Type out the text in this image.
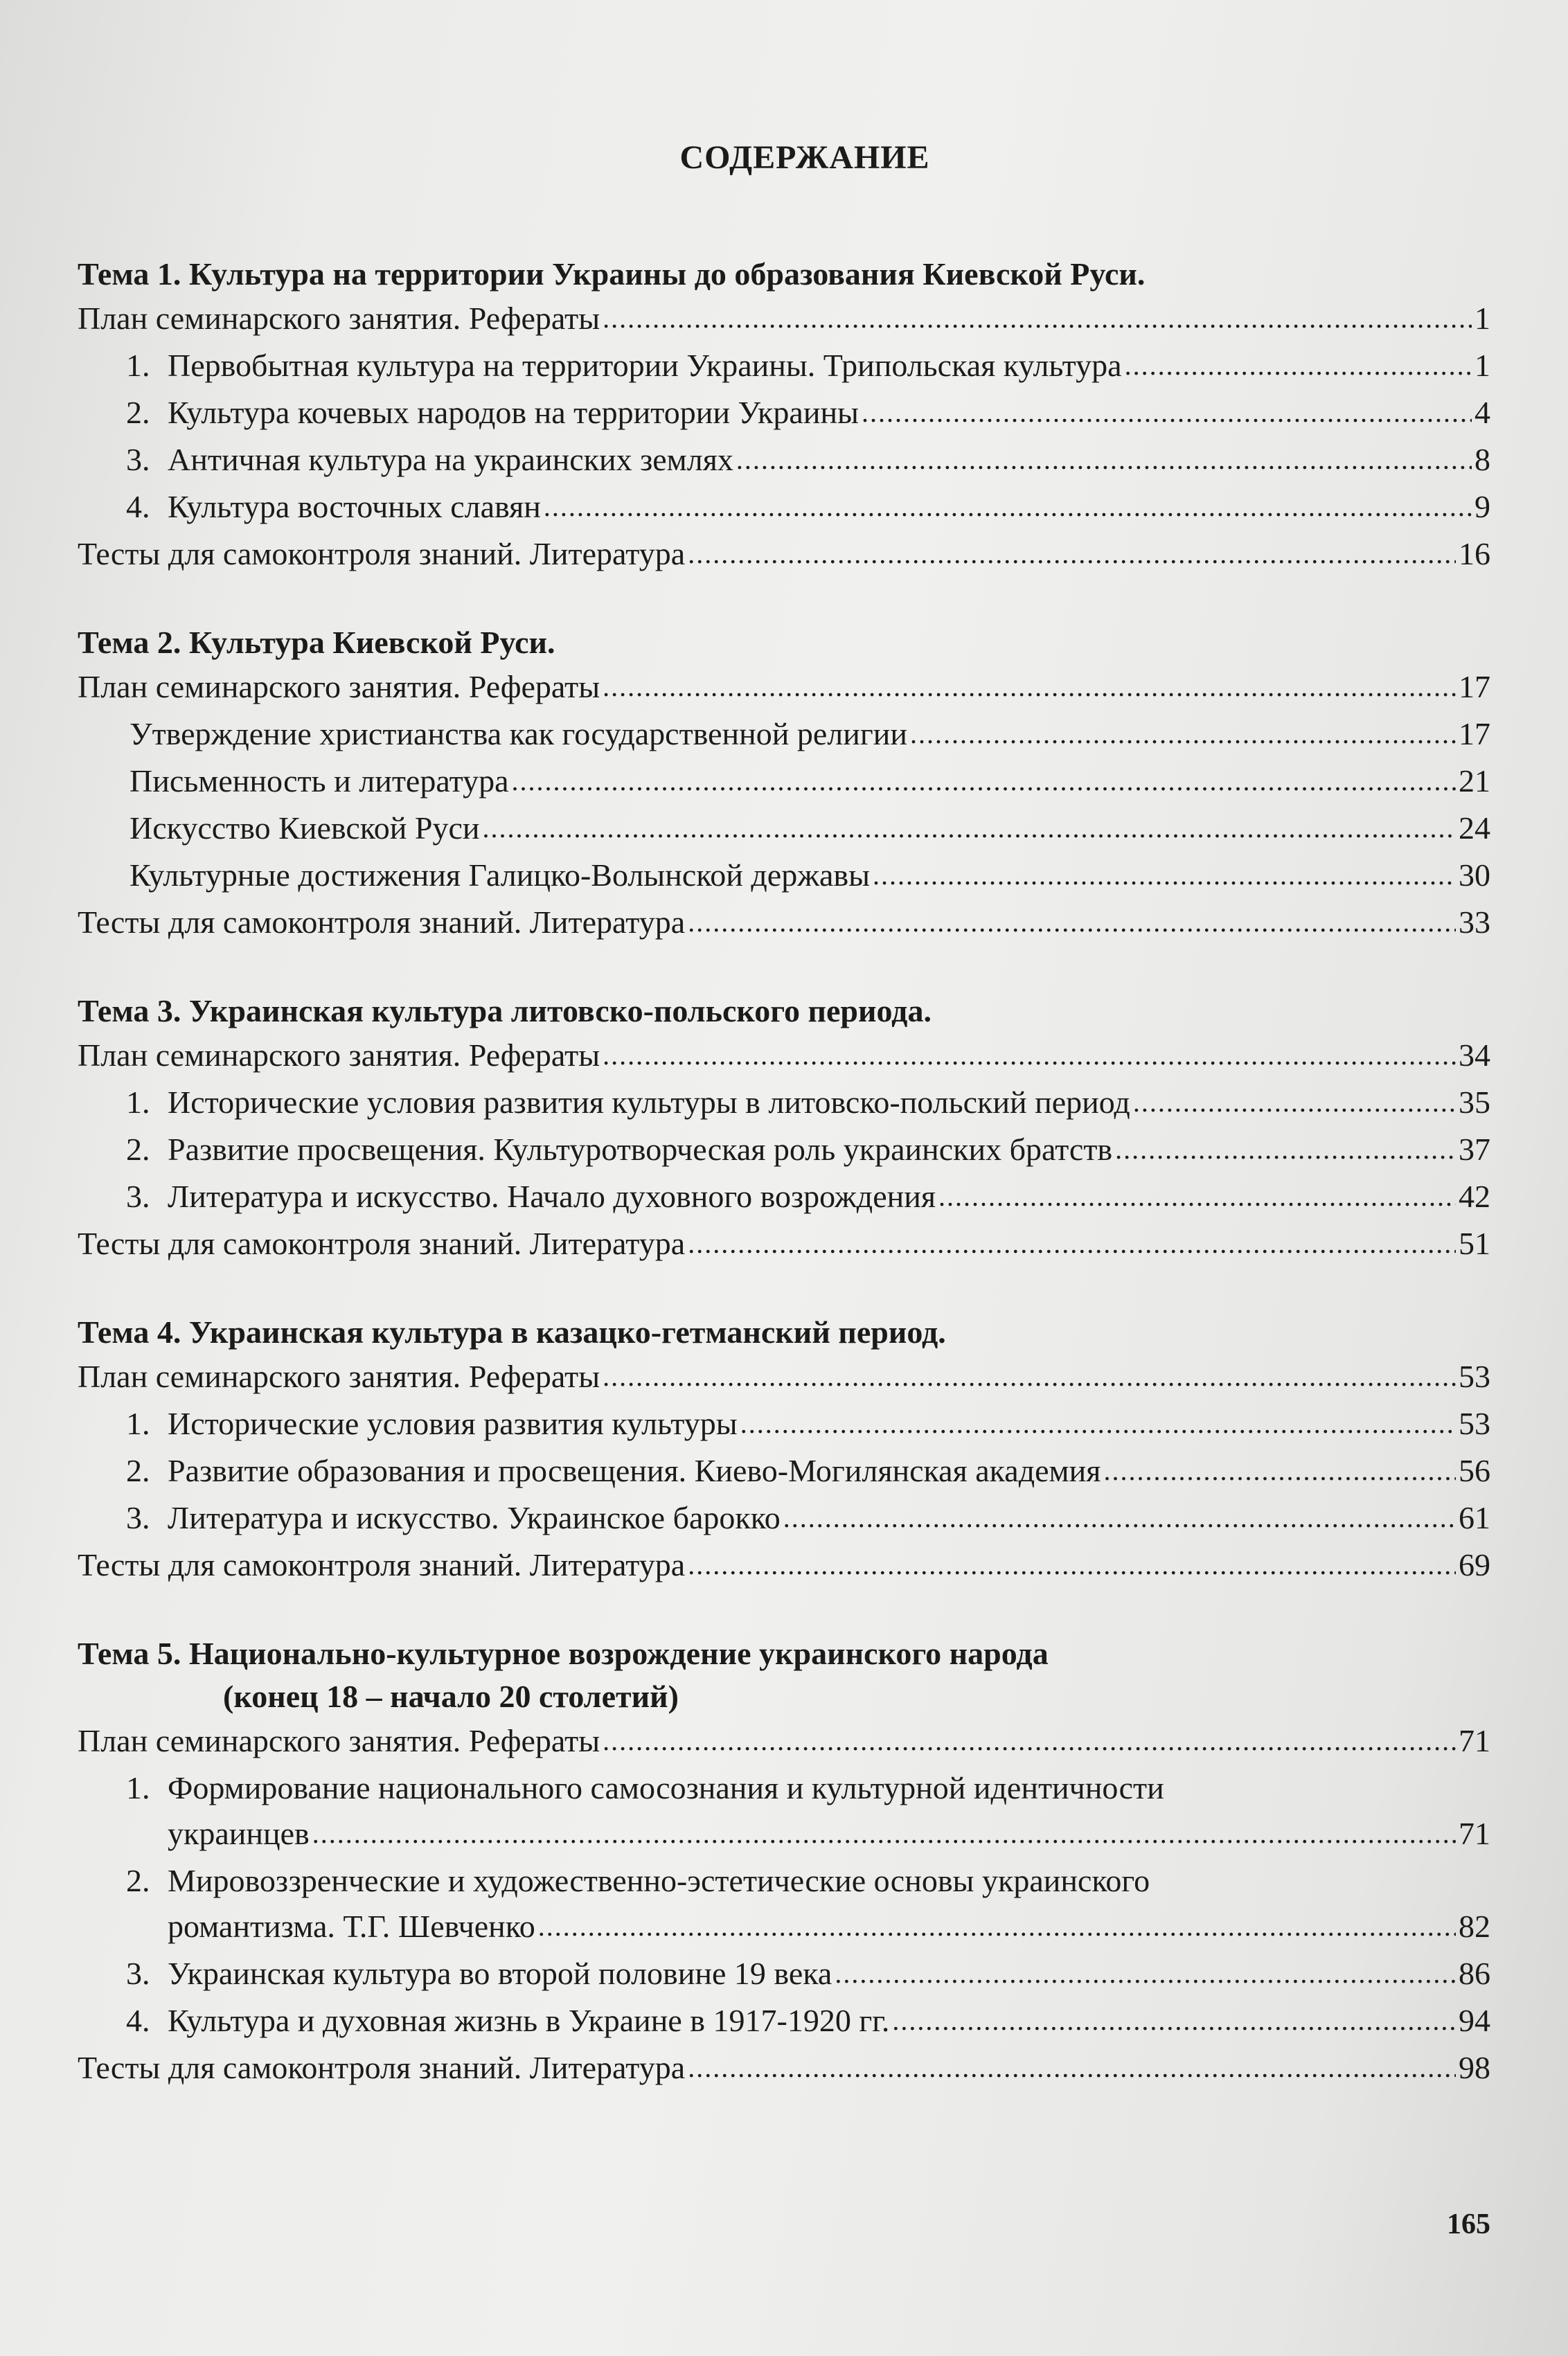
СОДЕРЖАНИЕ

Тема 1. Культура на территории Украины до образования Киевской Руси.

План семинарского занятия. Рефераты .....	1
1. Первобытная культура на территории Украины. Трипольская культура .....	1
2. Культура кочевых народов на территории Украины .....	4
3. Античная культура на украинских землях .....	8
4. Культура восточных славян .....	9
Тесты для самоконтроля знаний. Литература .....	16

Тема 2. Культура Киевской Руси.

План семинарского занятия. Рефераты .....	17
Утверждение христианства как государственной религии .....	17
Письменность и литература .....	21
Искусство Киевской Руси .....	24
Культурные достижения Галицко-Волынской державы .....	30
Тесты для самоконтроля знаний. Литература .....	33

Тема 3. Украинская культура литовско-польского периода.

План семинарского занятия. Рефераты .....	34
1. Исторические условия развития культуры в литовско-польский период .....	35
2. Развитие просвещения. Культуротворческая роль украинских братств .....	37
3. Литература и искусство. Начало духовного возрождения .....	42
Тесты для самоконтроля знаний. Литература .....	51

Тема 4. Украинская культура в казацко-гетманский период.

План семинарского занятия. Рефераты .....	53
1. Исторические условия развития культуры .....	53
2. Развитие образования и просвещения. Киево-Могилянская академия .....	56
3. Литература и искусство. Украинское барокко .....	61
Тесты для самоконтроля знаний. Литература .....	69

Тема 5. Национально-культурное возрождение украинского народа
(конец 18 – начало 20 столетий)

План семинарского занятия. Рефераты .....	71
1. Формирование национального самосознания и культурной идентичности
украинцев .....	71
2. Мировоззренческие и художественно-эстетические основы украинского
романтизма. Т.Г. Шевченко .....	82
3. Украинская культура во второй половине 19 века .....	86
4. Культура и духовная жизнь в Украине в 1917-1920 гг. .....	94
Тесты для самоконтроля знаний. Литература .....	98
165
